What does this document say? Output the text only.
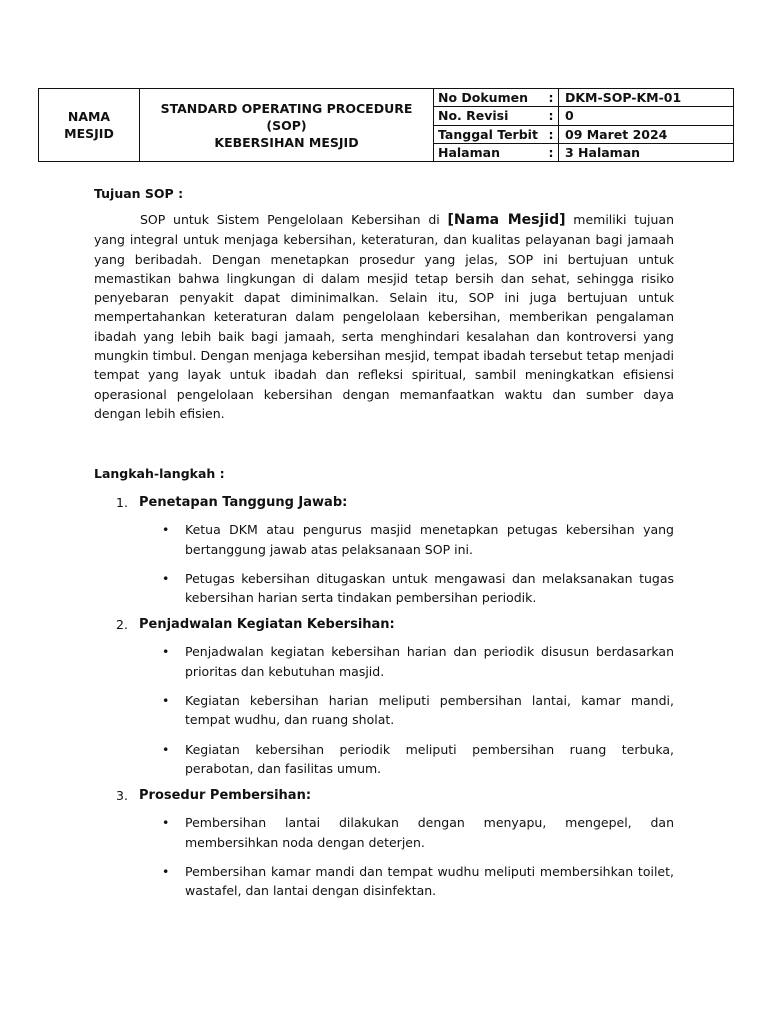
NAMA
MESJID
STANDARD OPERATING PROCEDURE
(SOP)
KEBERSIHAN MESJID
No Dokumen	: DKM-SOP-KM-01
No. Revisi	: 0
Tanggal Terbit : 09 Maret 2024
Halaman	: 3 Halaman

Tujuan SOP :

SOP untuk Sistem Pengelolaan Kebersihan di [Nama Mesjid] memiliki tujuan yang integral untuk menjaga kebersihan, keteraturan, dan kualitas pelayanan bagi jamaah yang beribadah. Dengan menetapkan prosedur yang jelas, SOP ini bertujuan untuk memastikan bahwa lingkungan di dalam mesjid tetap bersih dan sehat, sehingga risiko penyebaran penyakit dapat diminimalkan. Selain itu, SOP ini juga bertujuan untuk mempertahankan keteraturan dalam pengelolaan kebersihan, memberikan pengalaman ibadah yang lebih baik bagi jamaah, serta menghindari kesalahan dan kontroversi yang mungkin timbul. Dengan menjaga kebersihan mesjid, tempat ibadah tersebut tetap menjadi tempat yang layak untuk ibadah dan refleksi spiritual, sambil meningkatkan efisiensi operasional pengelolaan kebersihan dengan memanfaatkan waktu dan sumber daya dengan lebih efisien.

Langkah-langkah :

1. Penetapan Tanggung Jawab:
• Ketua DKM atau pengurus masjid menetapkan petugas kebersihan yang bertanggung jawab atas pelaksanaan SOP ini.
• Petugas kebersihan ditugaskan untuk mengawasi dan melaksanakan tugas kebersihan harian serta tindakan pembersihan periodik.
2. Penjadwalan Kegiatan Kebersihan:
• Penjadwalan kegiatan kebersihan harian dan periodik disusun berdasarkan prioritas dan kebutuhan masjid.
• Kegiatan kebersihan harian meliputi pembersihan lantai, kamar mandi, tempat wudhu, dan ruang sholat.
• Kegiatan kebersihan periodik meliputi pembersihan ruang terbuka, perabotan, dan fasilitas umum.
3. Prosedur Pembersihan:
• Pembersihan lantai dilakukan dengan menyapu, mengepel, dan membersihkan noda dengan deterjen.
• Pembersihan kamar mandi dan tempat wudhu meliputi membersihkan toilet, wastafel, dan lantai dengan disinfektan.
